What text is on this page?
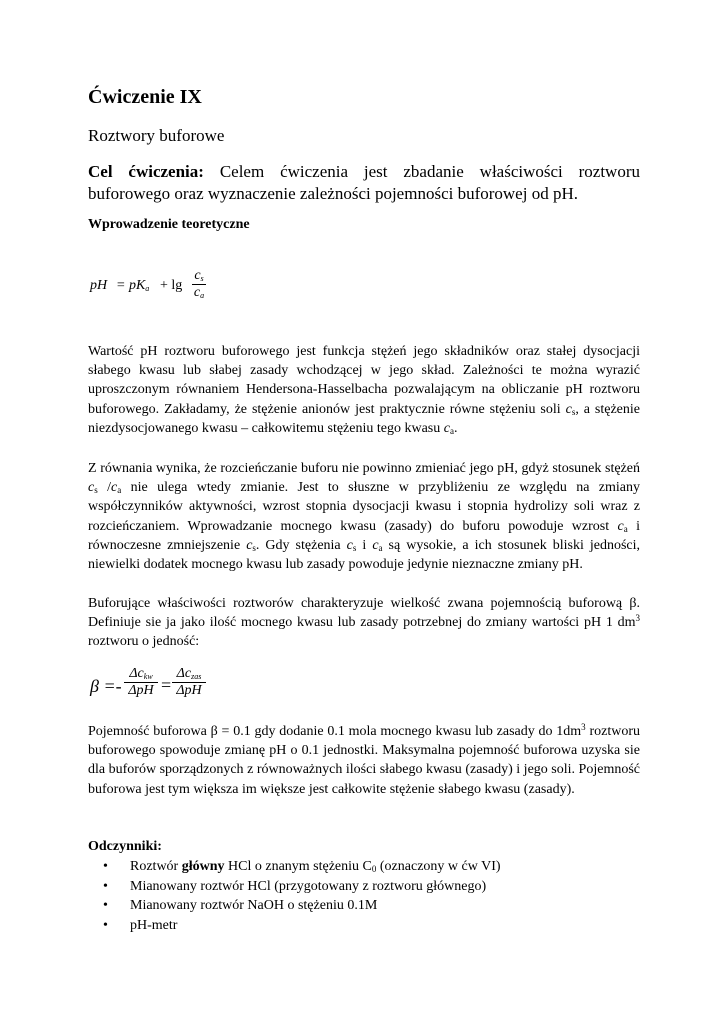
Ćwiczenie IX
Roztwory buforowe

Cel ćwiczenia: Celem ćwiczenia jest zbadanie właściwości roztworu buforowego oraz wyznaczenie zależności pojemności buforowej od pH.

Wprowadzenie teoretyczne
pH = $pK_a + \lg$
$c_s$
$c_a$

Wartość pH roztworu buforowego jest funkcja stężeń jego składników oraz stałej dysocjacji słabego kwasu lub słabej zasady wchodzącej w jego skład. Zależności te można wyrazić uproszczonym równaniem Hendersona-Hasselbacha pozwalającym na obliczanie pH roztworu buforowego. Zakładamy, że stężenie anionów jest praktycznie równe stężeniu soli $c_s$, a stężenie niezdysocjowanego kwasu – całkowitemu stężeniu tego kwasu $c_a$.

Z równania wynika, że rozcieńczanie buforu nie powinno zmieniać jego pH, gdyż stosunek stężeń $c_s$ $/c_a$ nie ulega wtedy zmianie. Jest to słuszne w przybliżeniu ze względu na zmiany współczynników aktywności, wzrost stopnia dysocjacji kwasu i stopnia hydrolizy soli wraz z rozcieńczaniem. Wprowadzanie mocnego kwasu (zasady) do buforu powoduje wzrost $c_a$ i równoczesne zmniejszenie $c_s$. Gdy stężenia $c_s$ i $c_a$ są wysokie, a ich stosunek bliski jedności, niewielki dodatek mocnego kwasu lub zasady powoduje jedynie nieznaczne zmiany pH.

Buforujące właściwości roztworów charakteryzuje wielkość zwana pojemnością buforową β. Definiuje sie ja jako ilość mocnego kwasu lub zasady potrzebnej do zmiany wartości pH 1 $dm^3$ roztworu o jedność:

β =-
$\Delta c_{kw}$
ΔpH =
$\Delta c_{zas}$
ΔpH

Pojemność buforowa β = 0.1 gdy dodanie 0.1 mola mocnego kwasu lub zasady do $1dm^3$ roztworu buforowego spowoduje zmianę pH o 0.1 jednostki. Maksymalna pojemność buforowa uzyska sie dla buforów sporządzonych z równoważnych ilości słabego kwasu (zasady) i jego soli. Pojemność buforowa jest tym większa im większe jest całkowite stężenie słabego kwasu (zasady).

Odczynniki:
• Roztwór główny HCl o znanym stężeniu $C_0$ (oznaczony w ćw VI)
• Mianowany roztwór HCl (przygotowany z roztworu głównego)
• Mianowany roztwór NaOH o stężeniu 0.1M
• pH-metr
